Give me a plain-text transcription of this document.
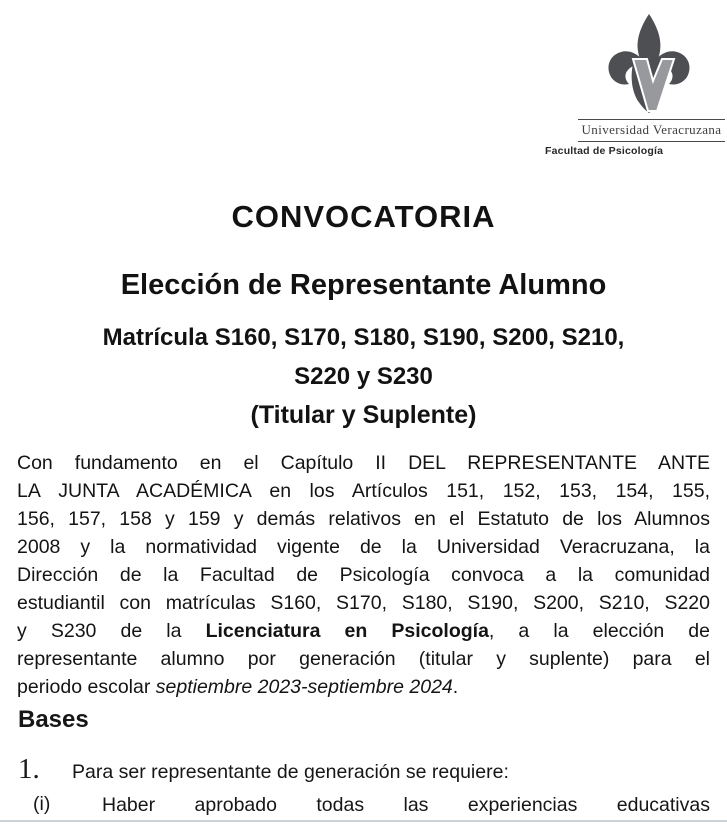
Universidad Veracruzana
Facultad de Psicología
CONVOCATORIA
Elección de Representante Alumno
Matrícula S160, S170, S180, S190, S200, S210,
S220 y S230
(Titular y Suplente)
Con fundamento en el Capítulo II DEL REPRESENTANTE ANTE
LA JUNTA ACADÉMICA en los Artículos 151, 152, 153, 154, 155,
156, 157, 158 y 159 y demás relativos en el Estatuto de los Alumnos
2008 y la normatividad vigente de la Universidad Veracruzana, la
Dirección de la Facultad de Psicología convoca a la comunidad
estudiantil con matrículas S160, S170, S180, S190, S200, S210, S220
y S230 de la Licenciatura en Psicología, a la elección de
representante alumno por generación (titular y suplente) para el
periodo escolar septiembre 2023-septiembre 2024.
Bases
1.	Para ser representante de generación se requiere:
(i)	Haber aprobado todas las experiencias educativas
